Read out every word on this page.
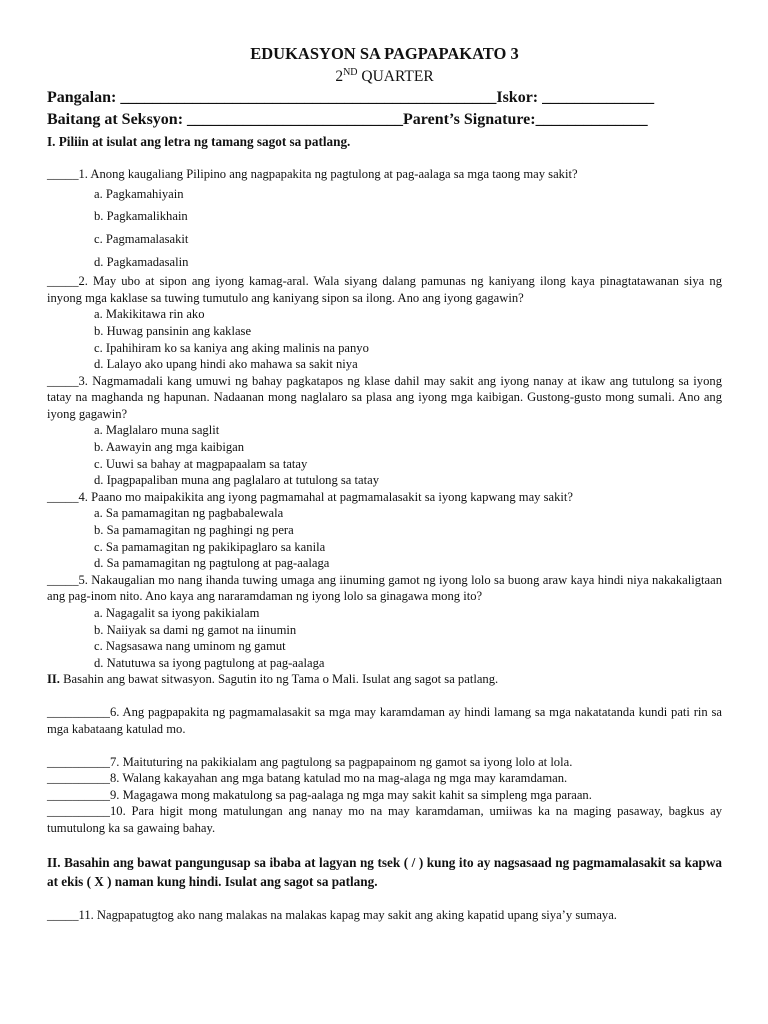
EDUKASYON SA PAGPAPAKATO 3
2ND QUARTER
Pangalan: _______________________________________________Iskor: ______________
Baitang at Seksyon: ___________________________Parent’s Signature:______________
I. Piliin at isulat ang letra ng tamang sagot sa patlang.
_____1. Anong kaugaliang Pilipino ang nagpapakita ng pagtulong at pag-aalaga sa mga taong may sakit?
a. Pagkamahiyain
b. Pagkamalikhain
c. Pagmamalasakit
d. Pagkamadasalin
_____2. May ubo at sipon ang iyong kamag-aral. Wala siyang dalang pamunas ng kaniyang ilong kaya pinagtatawanan siya ng inyong mga kaklase sa tuwing tumutulo ang kaniyang sipon sa ilong. Ano ang iyong gagawin?
a. Makikitawa rin ako
b. Huwag pansinin ang kaklase
c. Ipahihiram ko sa kaniya ang aking malinis na panyo
d. Lalayo ako upang hindi ako mahawa sa sakit niya
_____3. Nagmamadali kang umuwi ng bahay pagkatapos ng klase dahil may sakit ang iyong nanay at ikaw ang tutulong sa iyong tatay na maghanda ng hapunan. Nadaanan mong naglalaro sa plasa ang iyong mga kaibigan. Gustong-gusto mong sumali. Ano ang iyong gagawin?
a. Maglalaro muna saglit
b. Aawayin ang mga kaibigan
c. Uuwi sa bahay at magpapaalam sa tatay
d. Ipagpapaliban muna ang paglalaro at tutulong sa tatay
_____4. Paano mo maipakikita ang iyong pagmamahal at pagmamalasakit sa iyong kapwang may sakit?
a. Sa pamamagitan ng pagbabalewala
b. Sa pamamagitan ng paghingi ng pera
c. Sa pamamagitan ng pakikipaglaro sa kanila
d. Sa pamamagitan ng pagtulong at pag-aalaga
_____5. Nakaugalian mo nang ihanda tuwing umaga ang iinuming gamot ng iyong lolo sa buong araw kaya hindi niya nakakaligtaan ang pag-inom nito. Ano kaya ang nararamdaman ng iyong lolo sa ginagawa mong ito?
a. Nagagalit sa iyong pakikialam
b. Naiiyak sa dami ng gamot na iinumin
c. Nagsasawa nang uminom ng gamut
d. Natutuwa sa iyong pagtulong at pag-aalaga
II. Basahin ang bawat sitwasyon. Sagutin ito ng Tama o Mali. Isulat ang sagot sa patlang.
__________6. Ang pagpapakita ng pagmamalasakit sa mga may karamdaman ay hindi lamang sa mga nakatatanda kundi pati rin sa mga kabataang katulad mo.
__________7. Maituturing na pakikialam ang pagtulong sa pagpapainom ng gamot sa iyong lolo at lola.
__________8. Walang kakayahan ang mga batang katulad mo na mag-alaga ng mga may karamdaman.
__________9. Magagawa mong makatulong sa pag-aalaga ng mga may sakit kahit sa simpleng mga paraan.
__________10. Para higit mong matulungan ang nanay mo na may karamdaman, umiiwas ka na maging pasaway, bagkus ay tumutulong ka sa gawaing bahay.
II. Basahin ang bawat pangungusap sa ibaba at lagyan ng tsek ( / ) kung ito ay nagsasaad ng pagmamalasakit sa kapwa at ekis ( X ) naman kung hindi. Isulat ang sagot sa patlang.
_____11. Nagpapatugtog ako nang malakas na malakas kapag may sakit ang aking kapatid upang siya’y sumaya.
